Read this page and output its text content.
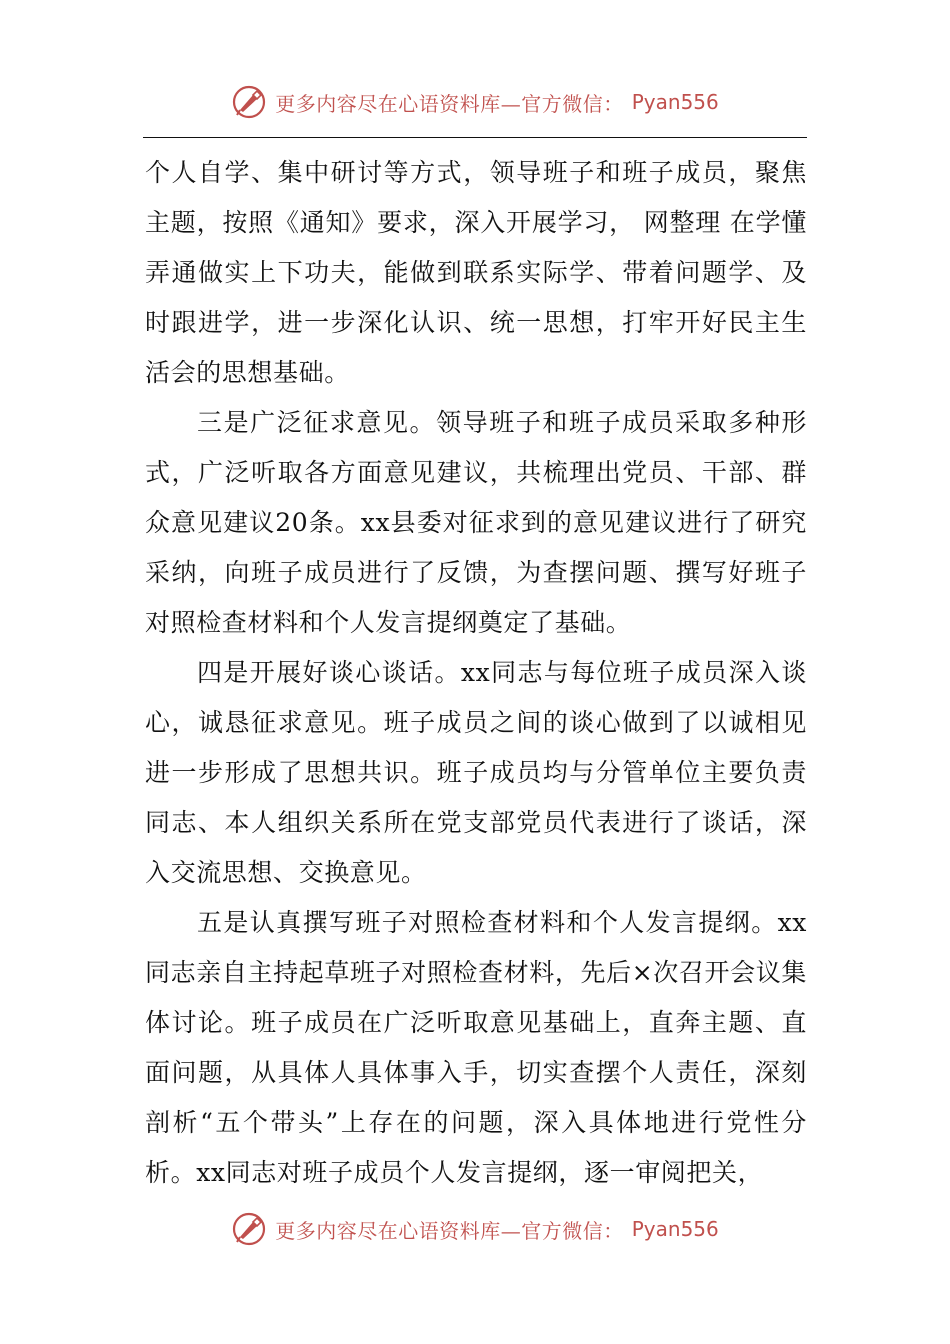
更多内容尽在心语资料库—官方微信： Pyan556

个人自学、集中研讨等方式，领导班子和班子成员，聚焦主题，按照《通知》要求，深入开展学习， 网整理 在学懂弄通做实上下功夫，能做到联系实际学、带着问题学、及时跟进学，进一步深化认识、统一思想，打牢开好民主生活会的思想基础。

三是广泛征求意见。领导班子和班子成员采取多种形式，广泛听取各方面意见建议，共梳理出党员、干部、群众意见建议20条。xx县委对征求到的意见建议进行了研究采纳，向班子成员进行了反馈，为查摆问题、撰写好班子对照检查材料和个人发言提纲奠定了基础。

四是开展好谈心谈话。xx同志与每位班子成员深入谈心，诚恳征求意见。班子成员之间的谈心做到了以诚相见进一步形成了思想共识。班子成员均与分管单位主要负责同志、本人组织关系所在党支部党员代表进行了谈话，深入交流思想、交换意见。

五是认真撰写班子对照检查材料和个人发言提纲。xx同志亲自主持起草班子对照检查材料，先后×次召开会议集体讨论。班子成员在广泛听取意见基础上，直奔主题、直面问题，从具体人具体事入手，切实查摆个人责任，深刻剖析“五个带头”上存在的问题，深入具体地进行党性分析。xx同志对班子成员个人发言提纲，逐一审阅把关，

更多内容尽在心语资料库—官方微信： Pyan556
